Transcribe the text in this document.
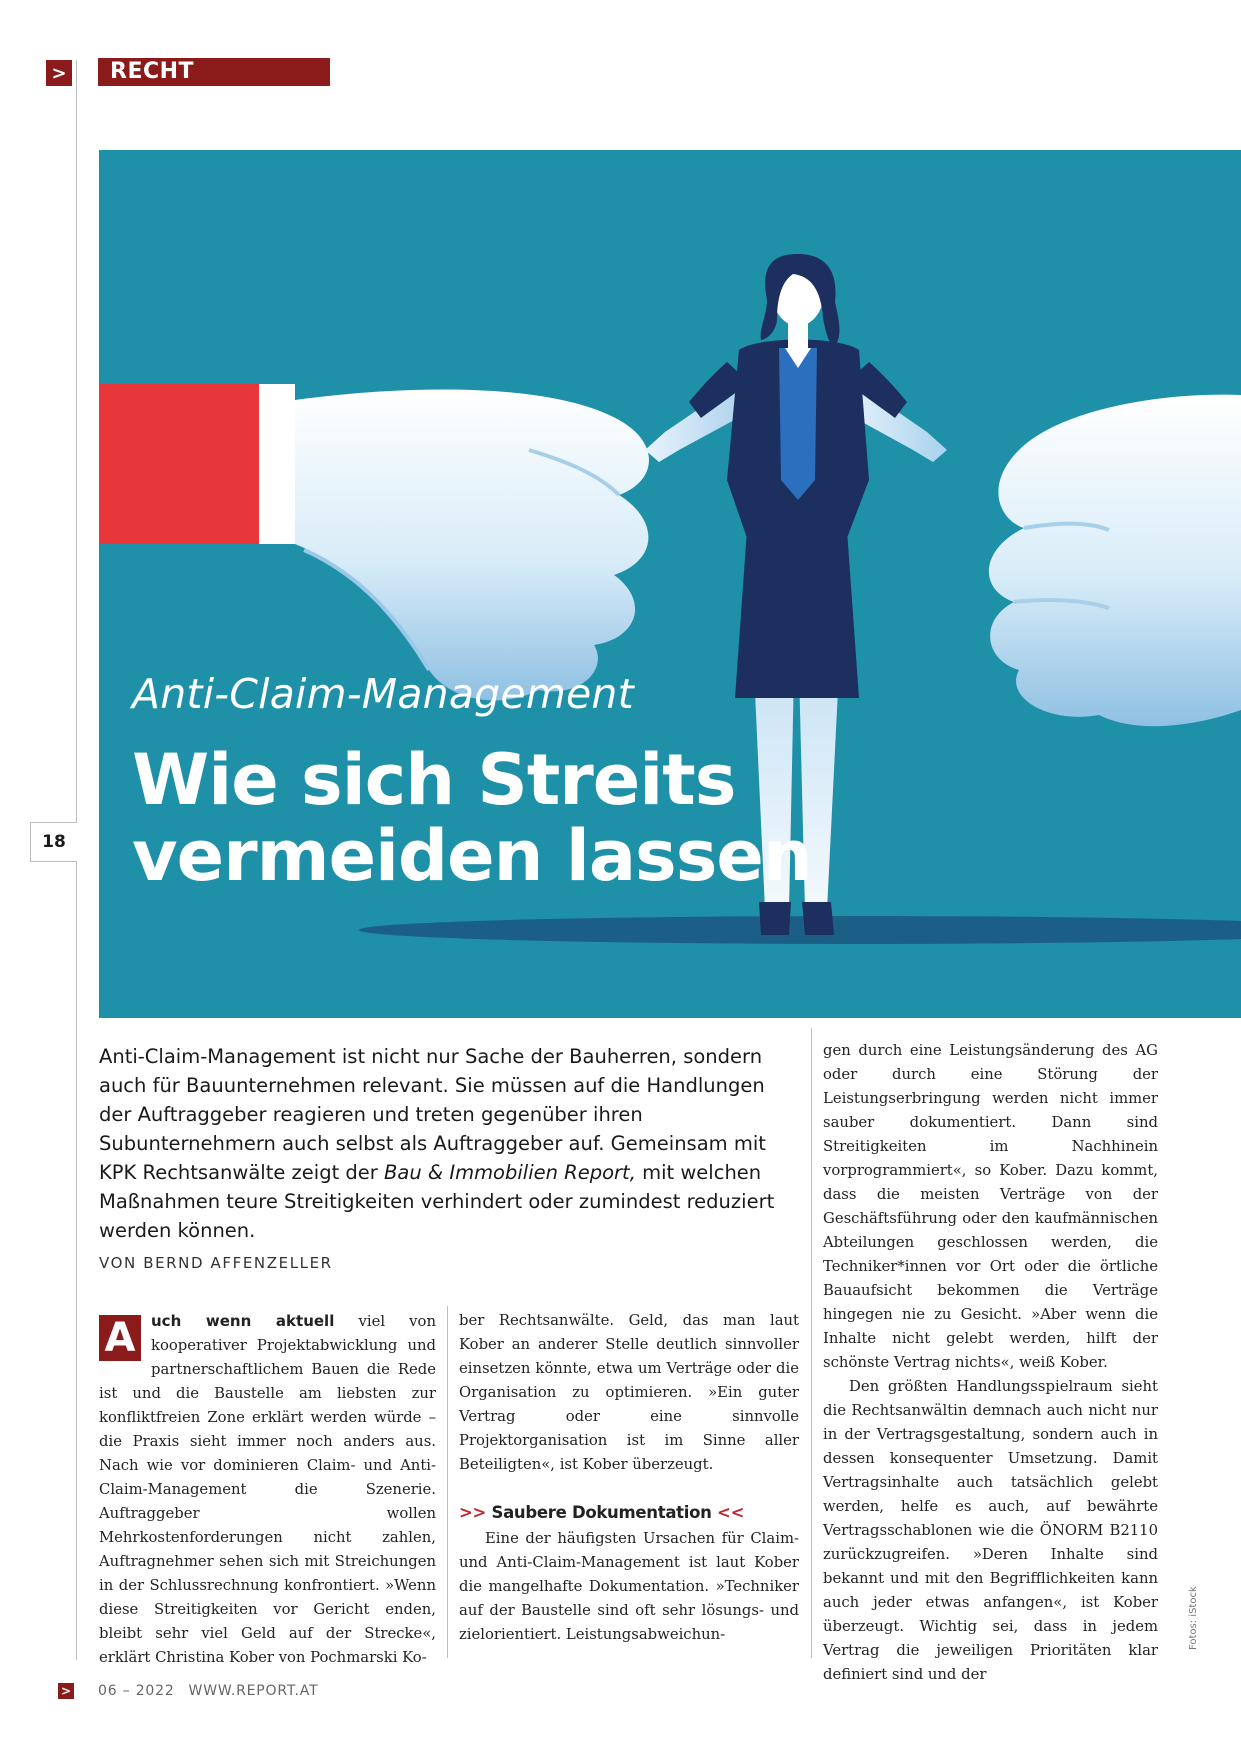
>	RECHT
18
Anti-Claim-Management
Wie sich Streits
vermeiden lassen

Anti-Claim-Management ist nicht nur Sache der Bauherren, sondern auch für Bauunternehmen relevant. Sie müssen auf die Handlungen der Auftraggeber reagieren und treten gegenüber ihren Subunternehmern auch selbst als Auftraggeber auf. Gemeinsam mit KPK Rechtsanwälte zeigt der Bau & Immobilien Report, mit welchen Maßnahmen teure Streitigkeiten verhindert oder zumindest reduziert werden können.

VON BERND AFFENZELLER

A	uch wenn aktuell viel von kooperativer Projektabwicklung und partnerschaftlichem Bauen die Rede ist und die Baustelle am liebsten zur konfliktfreien Zone erklärt werden würde – die Praxis sieht immer noch anders aus. Nach wie vor dominieren Claim- und Anti-Claim-Management die Szenerie. Auftraggeber wollen Mehrkostenforderungen nicht zahlen, Auftragnehmer sehen sich mit Streichungen in der Schlussrechnung konfrontiert. »Wenn diese Streitigkeiten vor Gericht enden, bleibt sehr viel Geld auf der Strecke«, erklärt Christina Kober von Pochmarski Ko-

ber Rechtsanwälte. Geld, das man laut Kober an anderer Stelle deutlich sinnvoller einsetzen könnte, etwa um Verträge oder die Organisation zu optimieren. »Ein guter Vertrag oder eine sinnvolle Projektorganisation ist im Sinne aller Beteiligten«, ist Kober überzeugt.

>> Saubere Dokumentation <<

Eine der häufigsten Ursachen für Claim- und Anti-Claim-Management ist laut Kober die mangelhafte Dokumentation. »Techniker auf der Baustelle sind oft sehr lösungs- und zielorientiert. Leistungsabweichun-

gen durch eine Leistungsänderung des AG oder durch eine Störung der Leistungserbringung werden nicht immer sauber dokumentiert. Dann sind Streitigkeiten im Nachhinein vorprogrammiert«, so Kober. Dazu kommt, dass die meisten Verträge von der Geschäftsführung oder den kaufmännischen Abteilungen geschlossen werden, die Techniker*innen vor Ort oder die örtliche Bauaufsicht bekommen die Verträge hingegen nie zu Gesicht. »Aber wenn die Inhalte nicht gelebt werden, hilft der schönste Vertrag nichts«, weiß Kober.

Den größten Handlungsspielraum sieht die Rechtsanwältin demnach auch nicht nur in der Vertragsgestaltung, sondern auch in dessen konsequenter Umsetzung. Damit Vertragsinhalte auch tatsächlich gelebt werden, helfe es auch, auf bewährte Vertragsschablonen wie die ÖNORM B2110 zurückzugreifen. »Deren Inhalte sind bekannt und mit den Begrifflichkeiten kann auch jeder etwas anfangen«, ist Kober überzeugt. Wichtig sei, dass in jedem Vertrag die jeweiligen Prioritäten klar definiert sind und der

Fotos: iStock
> 06 – 2022 WWW.REPORT.AT
